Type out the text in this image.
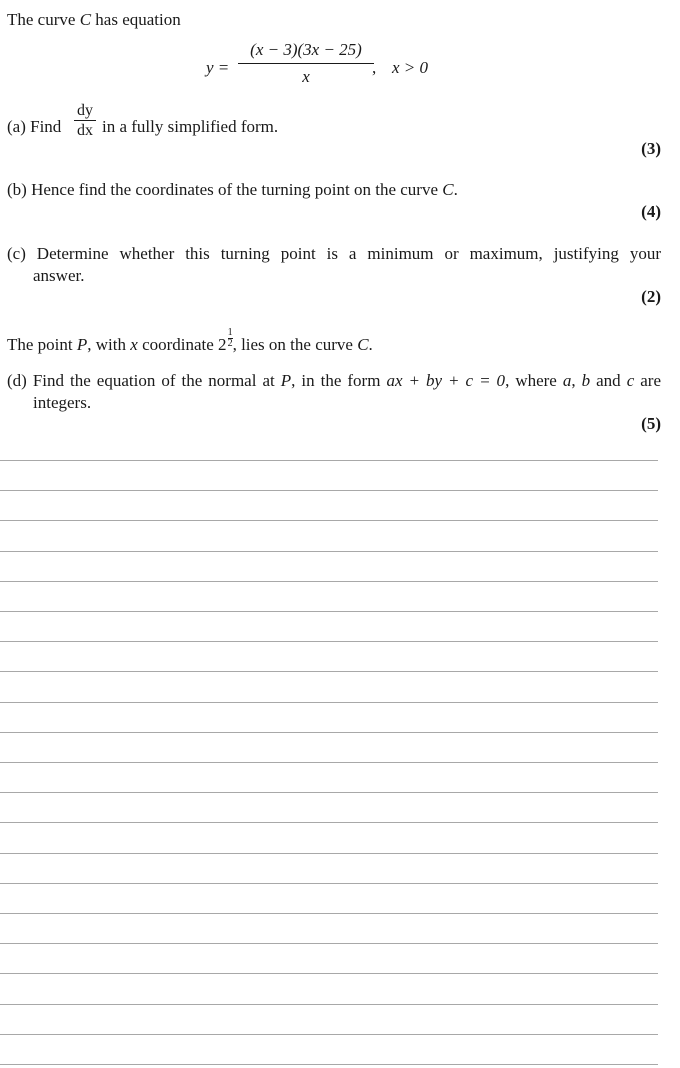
The curve C has equation
y =
(x − 3)(3x − 25)
x	, x > 0
(a) Find
dy
dx in a fully simplified form.
(3)
(b) Hence find the coordinates of the turning point on the curve C.
(4)
(c) Determine whether this turning point is a minimum or maximum, justifying your
answer.
(2)
The point P, with x coordinate $2 \frac{1}{2}$ , lies on the curve C.
(d) Find the equation of the normal at P, in the form ax + by + c = 0, where a, b and c are
integers.
(5)
